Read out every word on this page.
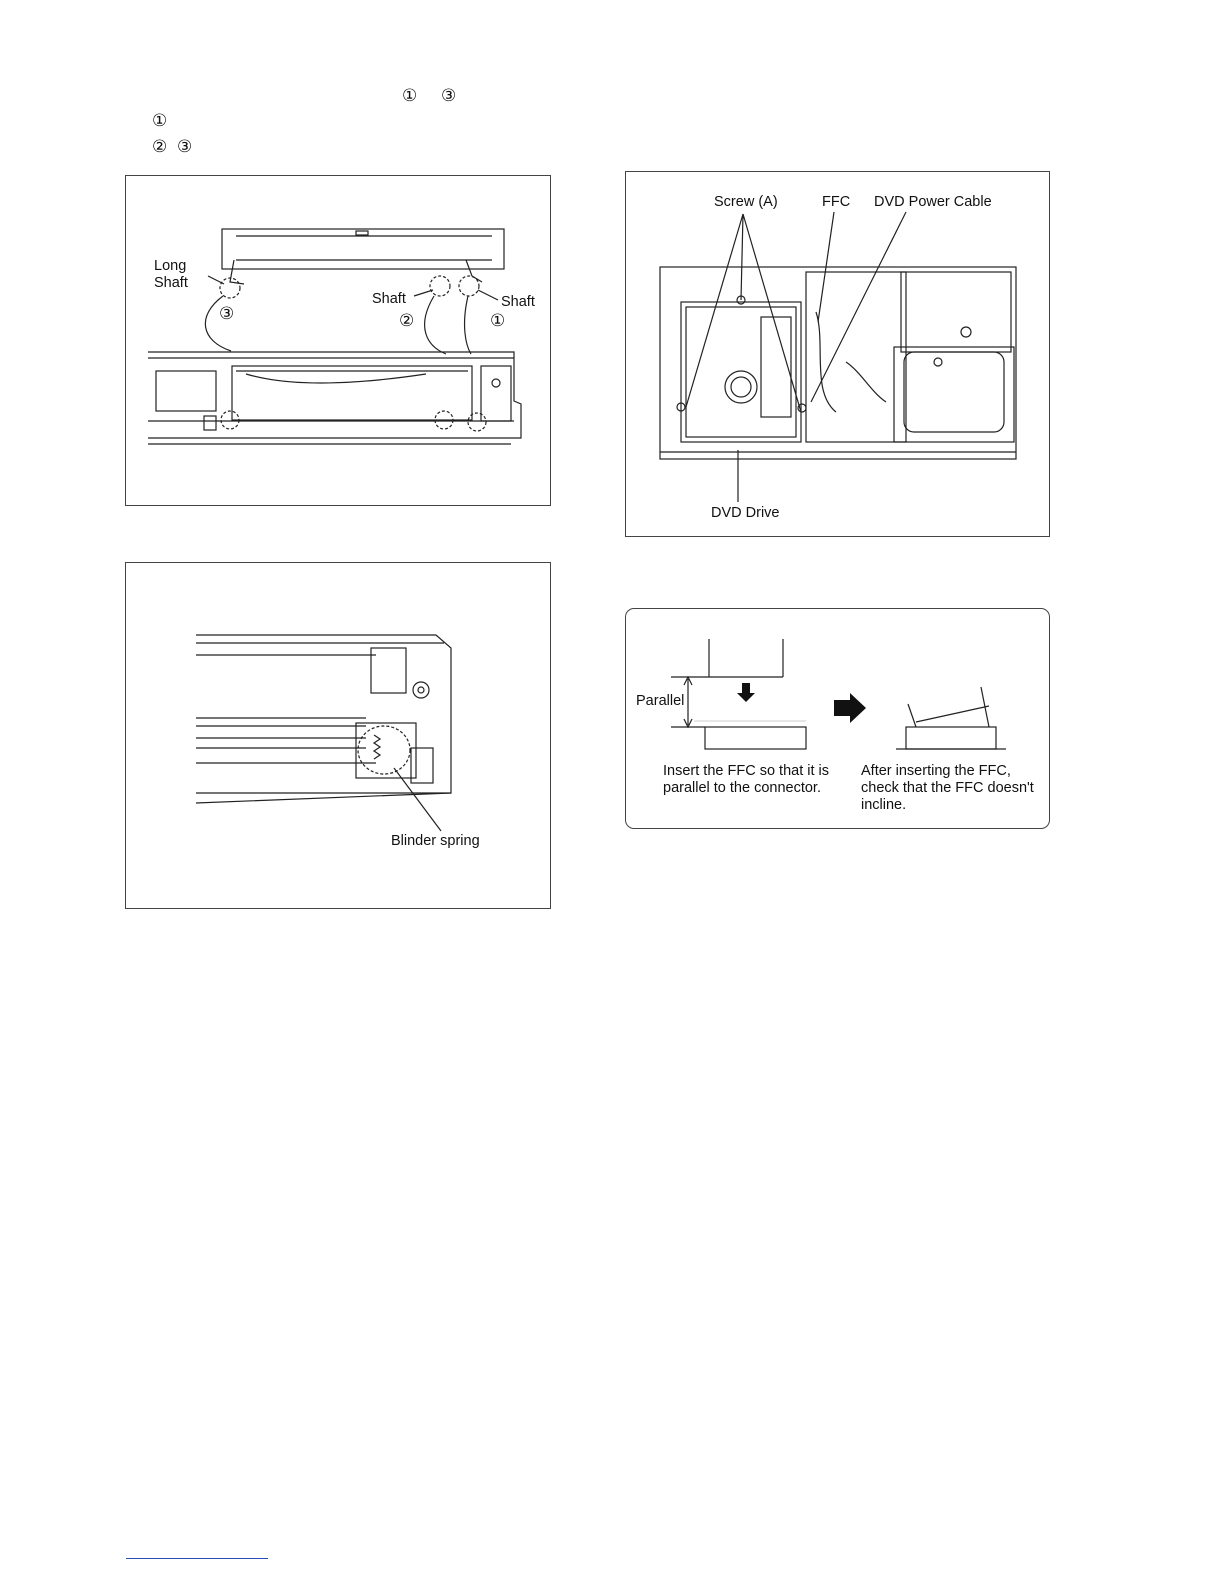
① ③
①
② ③
Long
Shaft
Shaft	Shaft
③	②	①
Blinder spring
Screw (A)	FFC DVD Power Cable
DVD Drive
Parallel
Insert the FFC so that it is
parallel to the connector.
After inserting the FFC,
check that the FFC doesn't
incline.
